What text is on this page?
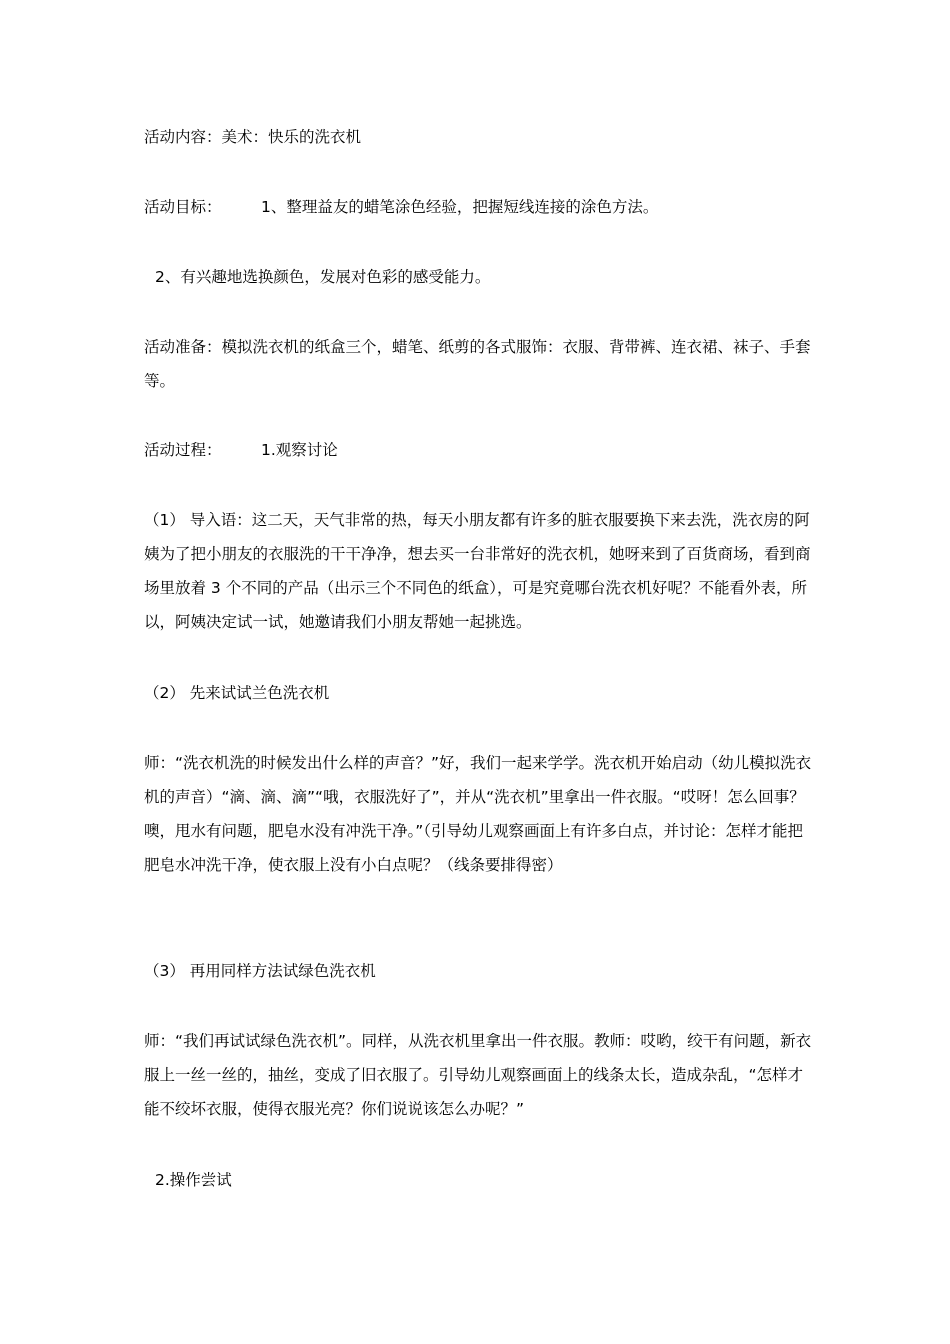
活动内容：美术：快乐的洗衣机

活动目标：	1、整理益友的蜡笔涂色经验，把握短线连接的涂色方法。

2、有兴趣地选换颜色，发展对色彩的感受能力。

活动准备：模拟洗衣机的纸盒三个，蜡笔、纸剪的各式服饰：衣服、背带裤、连衣裙、袜子、手套等。

活动过程：	1.观察讨论

（1） 导入语：这二天，天气非常的热，每天小朋友都有许多的脏衣服要换下来去洗，洗衣房的阿姨为了把小朋友的衣服洗的干干净净，想去买一台非常好的洗衣机，她呀来到了百货商场，看到商场里放着 3 个不同的产品（出示三个不同色的纸盒），可是究竟哪台洗衣机好呢？不能看外表，所以，阿姨决定试一试，她邀请我们小朋友帮她一起挑选。

（2） 先来试试兰色洗衣机

师：“洗衣机洗的时候发出什么样的声音？”好，我们一起来学学。洗衣机开始启动（幼儿模拟洗衣机的声音）“滴、滴、滴”“哦，衣服洗好了”，并从“洗衣机”里拿出一件衣服。“哎呀！怎么回事？噢，甩水有问题，肥皂水没有冲洗干净。”（引导幼儿观察画面上有许多白点，并讨论：怎样才能把肥皂水冲洗干净，使衣服上没有小白点呢？（线条要排得密）

（3） 再用同样方法试绿色洗衣机

师：“我们再试试绿色洗衣机”。同样，从洗衣机里拿出一件衣服。教师：哎哟，绞干有问题，新衣服上一丝一丝的，抽丝，变成了旧衣服了。引导幼儿观察画面上的线条太长，造成杂乱，“怎样才能不绞坏衣服，使得衣服光亮？你们说说该怎么办呢？”

2.操作尝试
